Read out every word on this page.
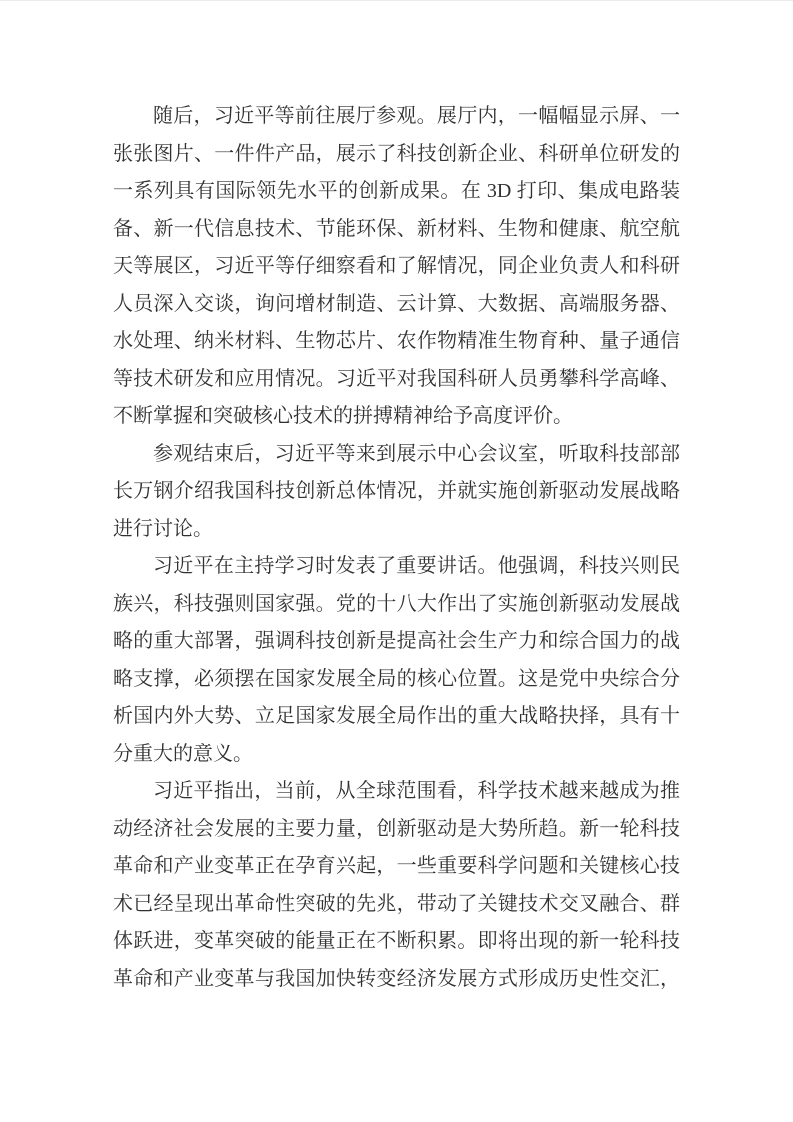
随后，习近平等前往展厅参观。展厅内，一幅幅显示屏、一
张张图片、一件件产品，展示了科技创新企业、科研单位研发的
一系列具有国际领先水平的创新成果。在 3D 打印、集成电路装
备、新一代信息技术、节能环保、新材料、生物和健康、航空航
天等展区，习近平等仔细察看和了解情况，同企业负责人和科研
人员深入交谈，询问增材制造、云计算、大数据、高端服务器、
水处理、纳米材料、生物芯片、农作物精准生物育种、量子通信
等技术研发和应用情况。习近平对我国科研人员勇攀科学高峰、
不断掌握和突破核心技术的拼搏精神给予高度评价。

参观结束后，习近平等来到展示中心会议室，听取科技部部
长万钢介绍我国科技创新总体情况，并就实施创新驱动发展战略
进行讨论。

习近平在主持学习时发表了重要讲话。他强调，科技兴则民
族兴，科技强则国家强。党的十八大作出了实施创新驱动发展战
略的重大部署，强调科技创新是提高社会生产力和综合国力的战
略支撑，必须摆在国家发展全局的核心位置。这是党中央综合分
析国内外大势、立足国家发展全局作出的重大战略抉择，具有十
分重大的意义。

习近平指出，当前，从全球范围看，科学技术越来越成为推
动经济社会发展的主要力量，创新驱动是大势所趋。新一轮科技
革命和产业变革正在孕育兴起，一些重要科学问题和关键核心技
术已经呈现出革命性突破的先兆，带动了关键技术交叉融合、群
体跃进，变革突破的能量正在不断积累。即将出现的新一轮科技
革命和产业变革与我国加快转变经济发展方式形成历史性交汇，
